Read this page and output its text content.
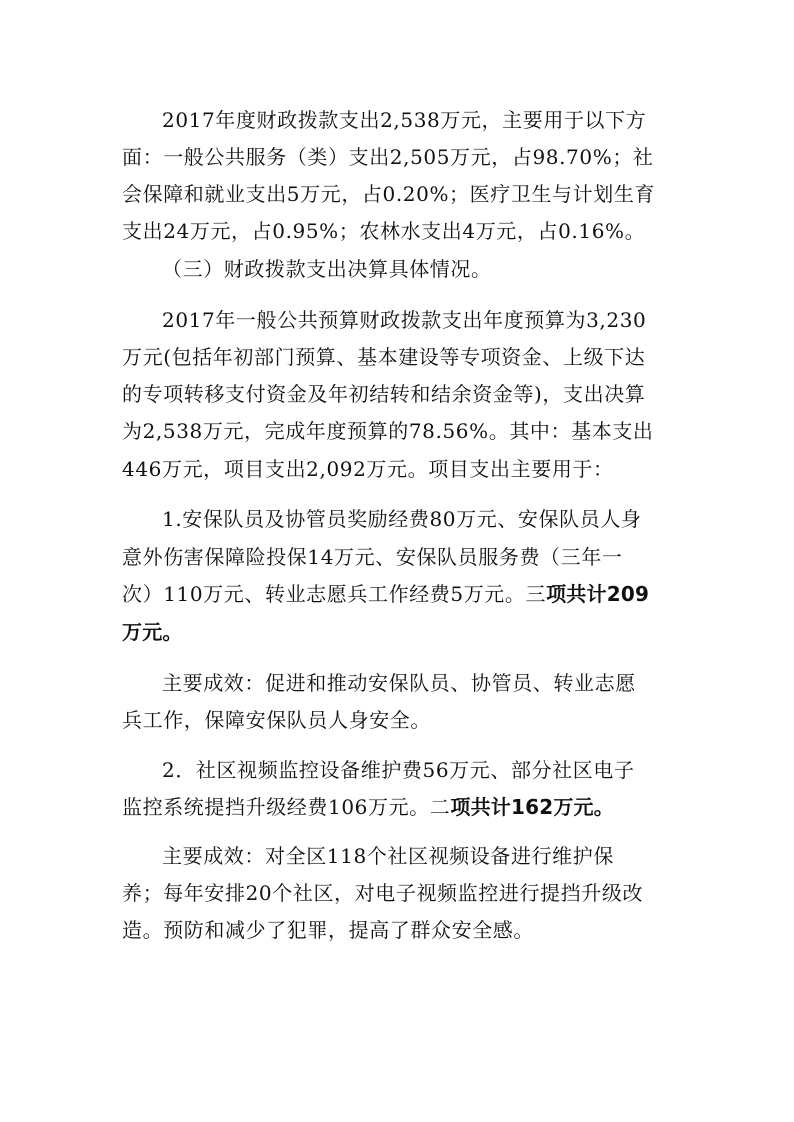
2017年度财政拨款支出2,538万元，主要用于以下方
面：一般公共服务（类）支出2,505万元，占98.70%；社
会保障和就业支出5万元，占0.20%；医疗卫生与计划生育
支出24万元，占0.95%；农林水支出4万元，占0.16%。
（三）财政拨款支出决算具体情况。
2017年一般公共预算财政拨款支出年度预算为3,230
万元(包括年初部门预算、基本建设等专项资金、上级下达
的专项转移支付资金及年初结转和结余资金等)，支出决算
为2,538万元，完成年度预算的78.56%。其中：基本支出
446万元，项目支出2,092万元。项目支出主要用于：
1.安保队员及协管员奖励经费80万元、安保队员人身
意外伤害保障险投保14万元、安保队员服务费（三年一
次）110万元、转业志愿兵工作经费5万元。三项共计209
万元。
主要成效：促进和推动安保队员、协管员、转业志愿
兵工作，保障安保队员人身安全。
2．社区视频监控设备维护费56万元、部分社区电子
监控系统提挡升级经费106万元。二项共计162万元。
主要成效：对全区118个社区视频设备进行维护保
养；每年安排20个社区，对电子视频监控进行提挡升级改
造。预防和减少了犯罪，提高了群众安全感。
